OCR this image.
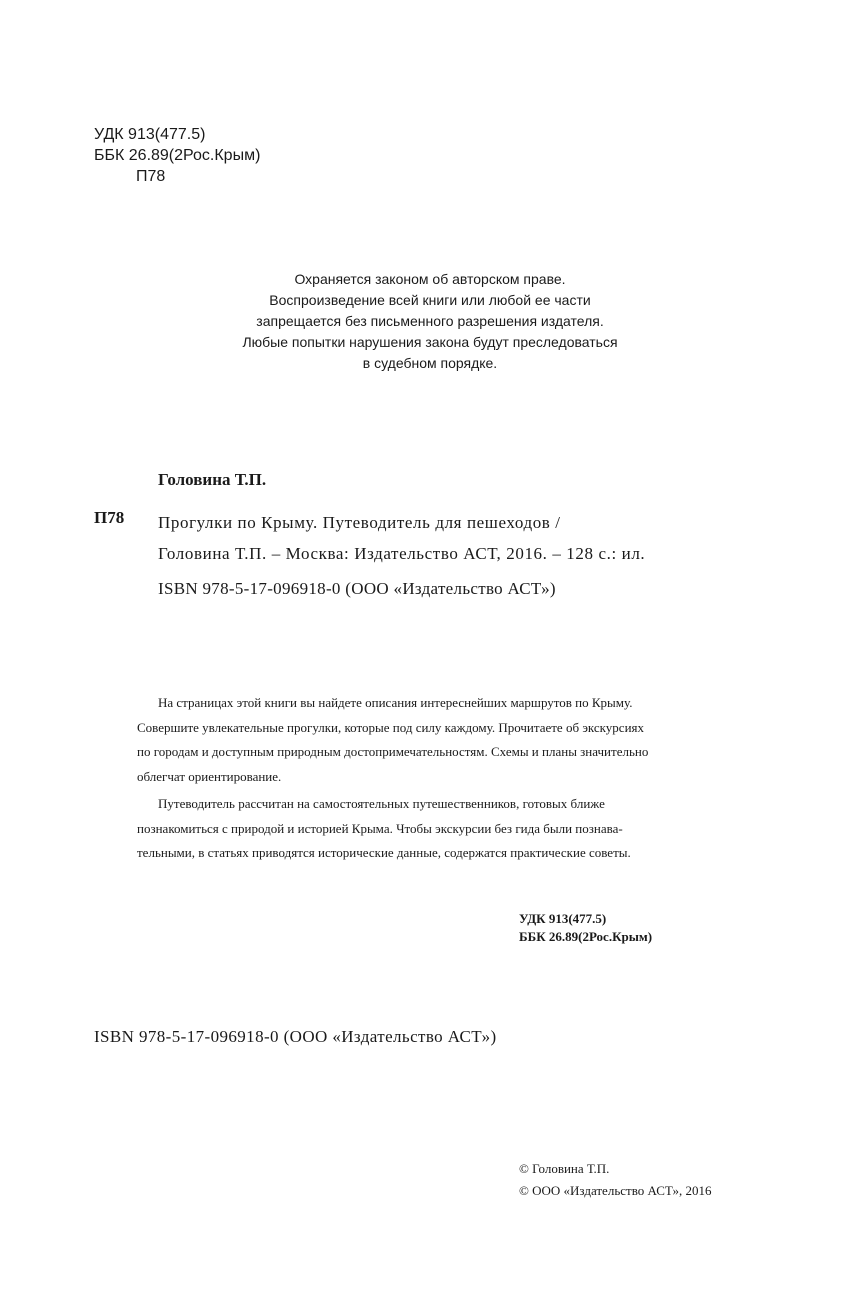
УДК 913(477.5)
ББК 26.89(2Рос.Крым)
П78
Охраняется законом об авторском праве.
Воспроизведение всей книги или любой ее части
запрещается без письменного разрешения издателя.
Любые попытки нарушения закона будут преследоваться
в судебном порядке.
Головина Т.П.
П78 Прогулки по Крыму. Путеводитель для пешеходов /
Головина Т.П. – Москва: Издательство АСТ, 2016. – 128 с.: ил.
ISBN 978-5-17-096918-0 (ООО «Издательство АСТ»)
На страницах этой книги вы найдете описания интереснейших маршрутов по Крыму.
Совершите увлекательные прогулки, которые под силу каждому. Прочитаете об экскурсиях
по городам и доступным природным достопримечательностям. Схемы и планы значительно
облегчат ориентирование.
Путеводитель рассчитан на самостоятельных путешественников, готовых ближе
познакомиться с природой и историей Крыма. Чтобы экскурсии без гида были познава-
тельными, в статьях приводятся исторические данные, содержатся практические советы.
УДК 913(477.5)
ББК 26.89(2Рос.Крым)
ISBN 978-5-17-096918-0 (ООО «Издательство АСТ»)
© Головина Т.П.
© ООО «Издательство АСТ», 2016
